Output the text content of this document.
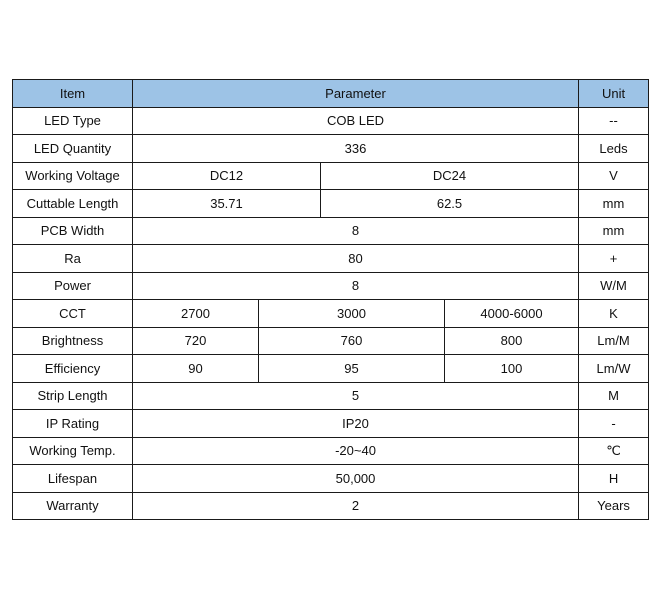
Item	Parameter				Unit
LED Type	COB LED				--
LED Quantity	336				Leds
Working Voltage	DC12		DC24		V
Cuttable Length	35.71		62.5		mm
PCB Width	8				mm
Ra	80				+
Power	8				W/M
CCT	2700	3000		4000-6000	K
Brightness	720	760		800	Lm/M
Efficiency	90	95		100	Lm/W
Strip Length	5				M
IP Rating	IP20				-
Working Temp.	-20~40				℃
Lifespan	50,000				H
Warranty	2				Years
